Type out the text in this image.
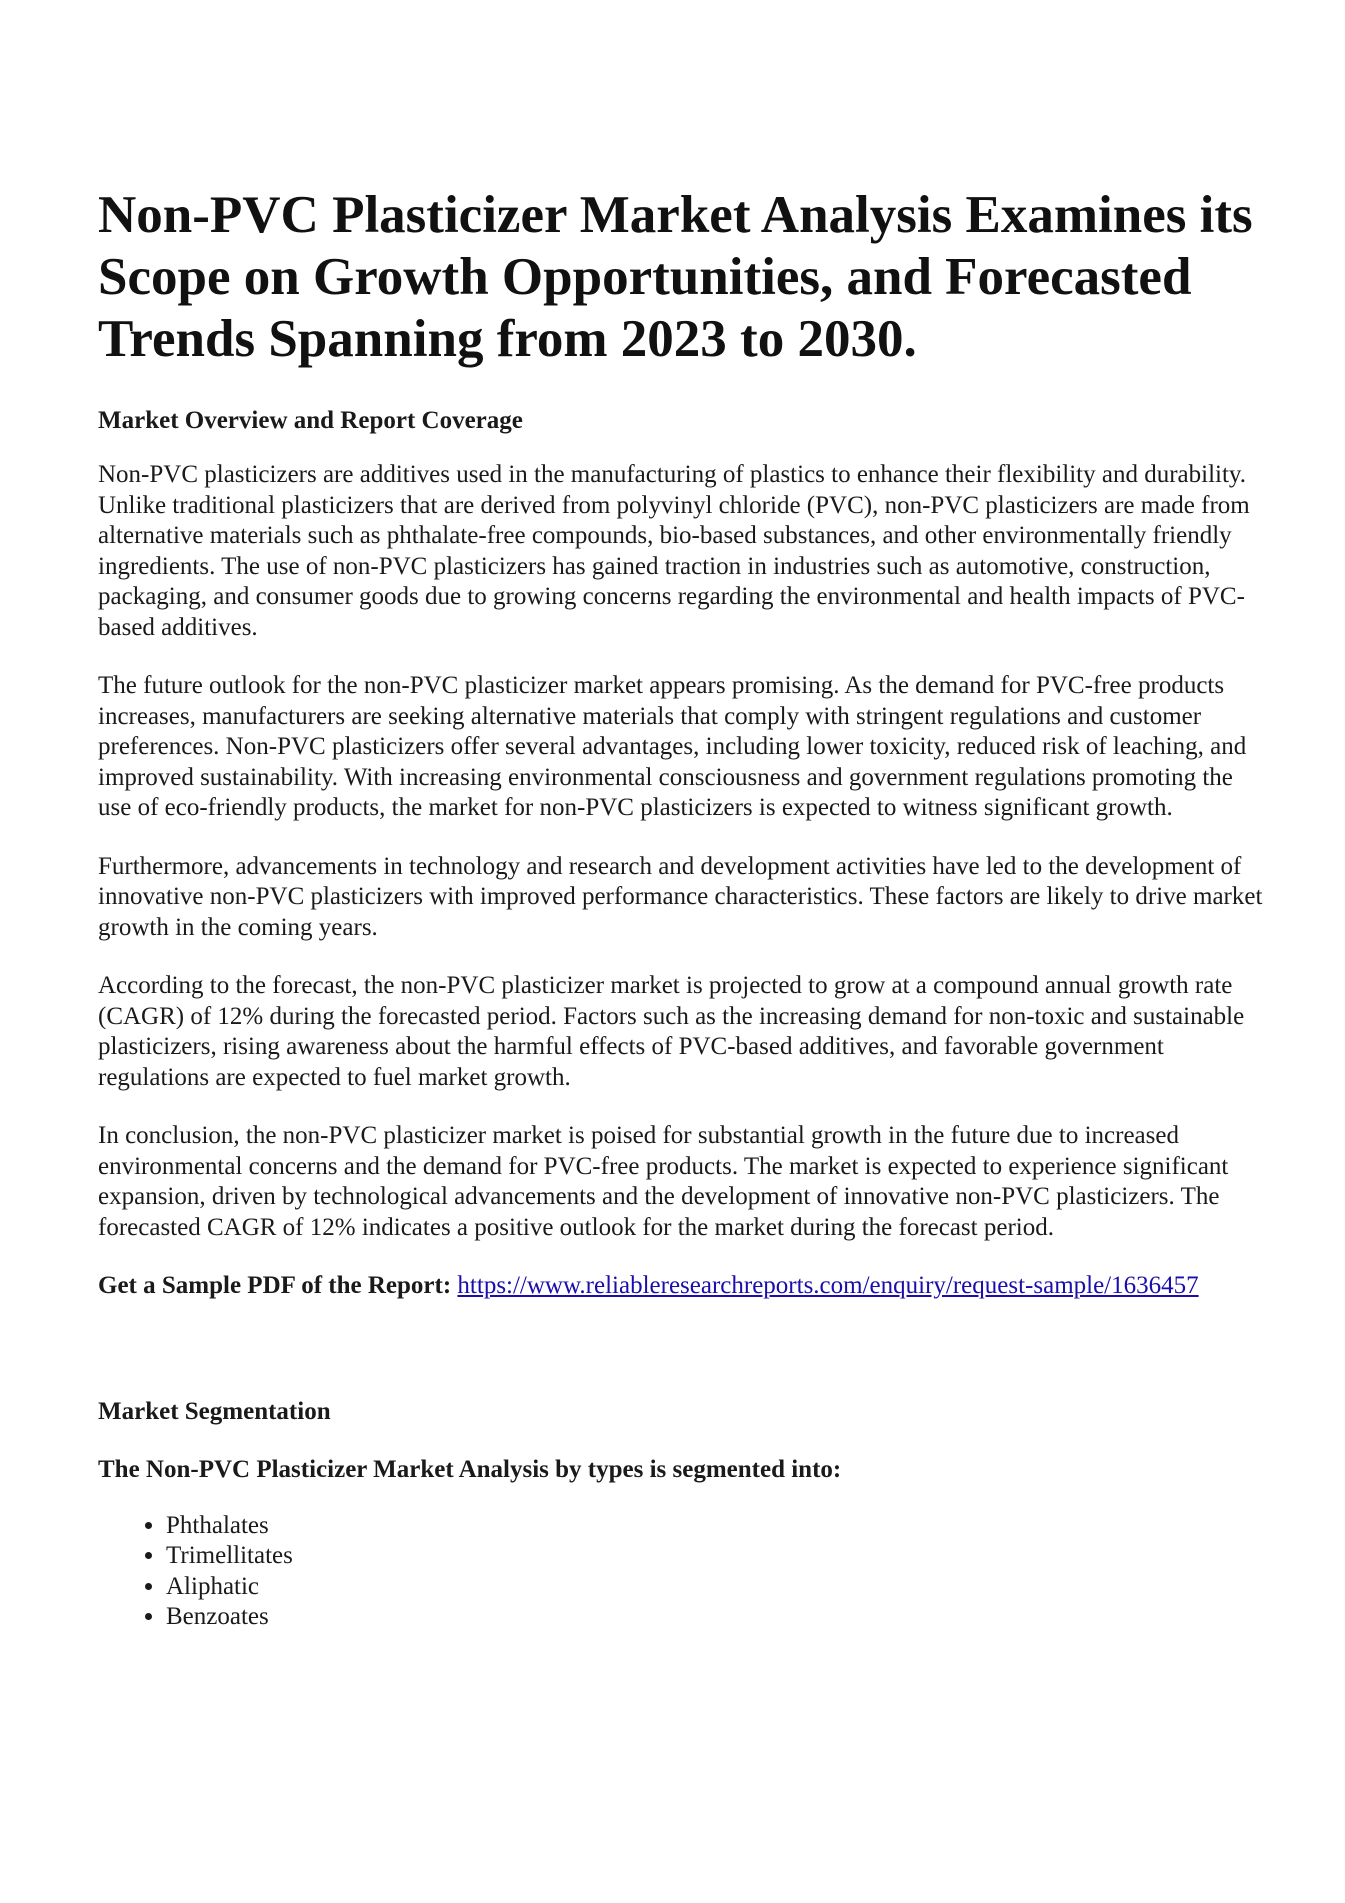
Non-PVC Plasticizer Market Analysis Examines its Scope on Growth Opportunities, and Forecasted Trends Spanning from 2023 to 2030.
Market Overview and Report Coverage

Non-PVC plasticizers are additives used in the manufacturing of plastics to enhance their flexibility and durability. Unlike traditional plasticizers that are derived from polyvinyl chloride (PVC), non-PVC plasticizers are made from alternative materials such as phthalate-free compounds, bio-based substances, and other environmentally friendly ingredients. The use of non-PVC plasticizers has gained traction in industries such as automotive, construction, packaging, and consumer goods due to growing concerns regarding the environmental and health impacts of PVC-based additives.

The future outlook for the non-PVC plasticizer market appears promising. As the demand for PVC-free products increases, manufacturers are seeking alternative materials that comply with stringent regulations and customer preferences. Non-PVC plasticizers offer several advantages, including lower toxicity, reduced risk of leaching, and improved sustainability. With increasing environmental consciousness and government regulations promoting the use of eco-friendly products, the market for non-PVC plasticizers is expected to witness significant growth.

Furthermore, advancements in technology and research and development activities have led to the development of innovative non-PVC plasticizers with improved performance characteristics. These factors are likely to drive market growth in the coming years.

According to the forecast, the non-PVC plasticizer market is projected to grow at a compound annual growth rate (CAGR) of 12% during the forecasted period. Factors such as the increasing demand for non-toxic and sustainable plasticizers, rising awareness about the harmful effects of PVC-based additives, and favorable government regulations are expected to fuel market growth.

In conclusion, the non-PVC plasticizer market is poised for substantial growth in the future due to increased environmental concerns and the demand for PVC-free products. The market is expected to experience significant expansion, driven by technological advancements and the development of innovative non-PVC plasticizers. The forecasted CAGR of 12% indicates a positive outlook for the market during the forecast period.

Get a Sample PDF of the Report: https://www.reliableresearchreports.com/enquiry/request-sample/1636457
Market Segmentation
The Non-PVC Plasticizer Market Analysis by types is segmented into:
• Phthalates
• Trimellitates
• Aliphatic
• Benzoates
